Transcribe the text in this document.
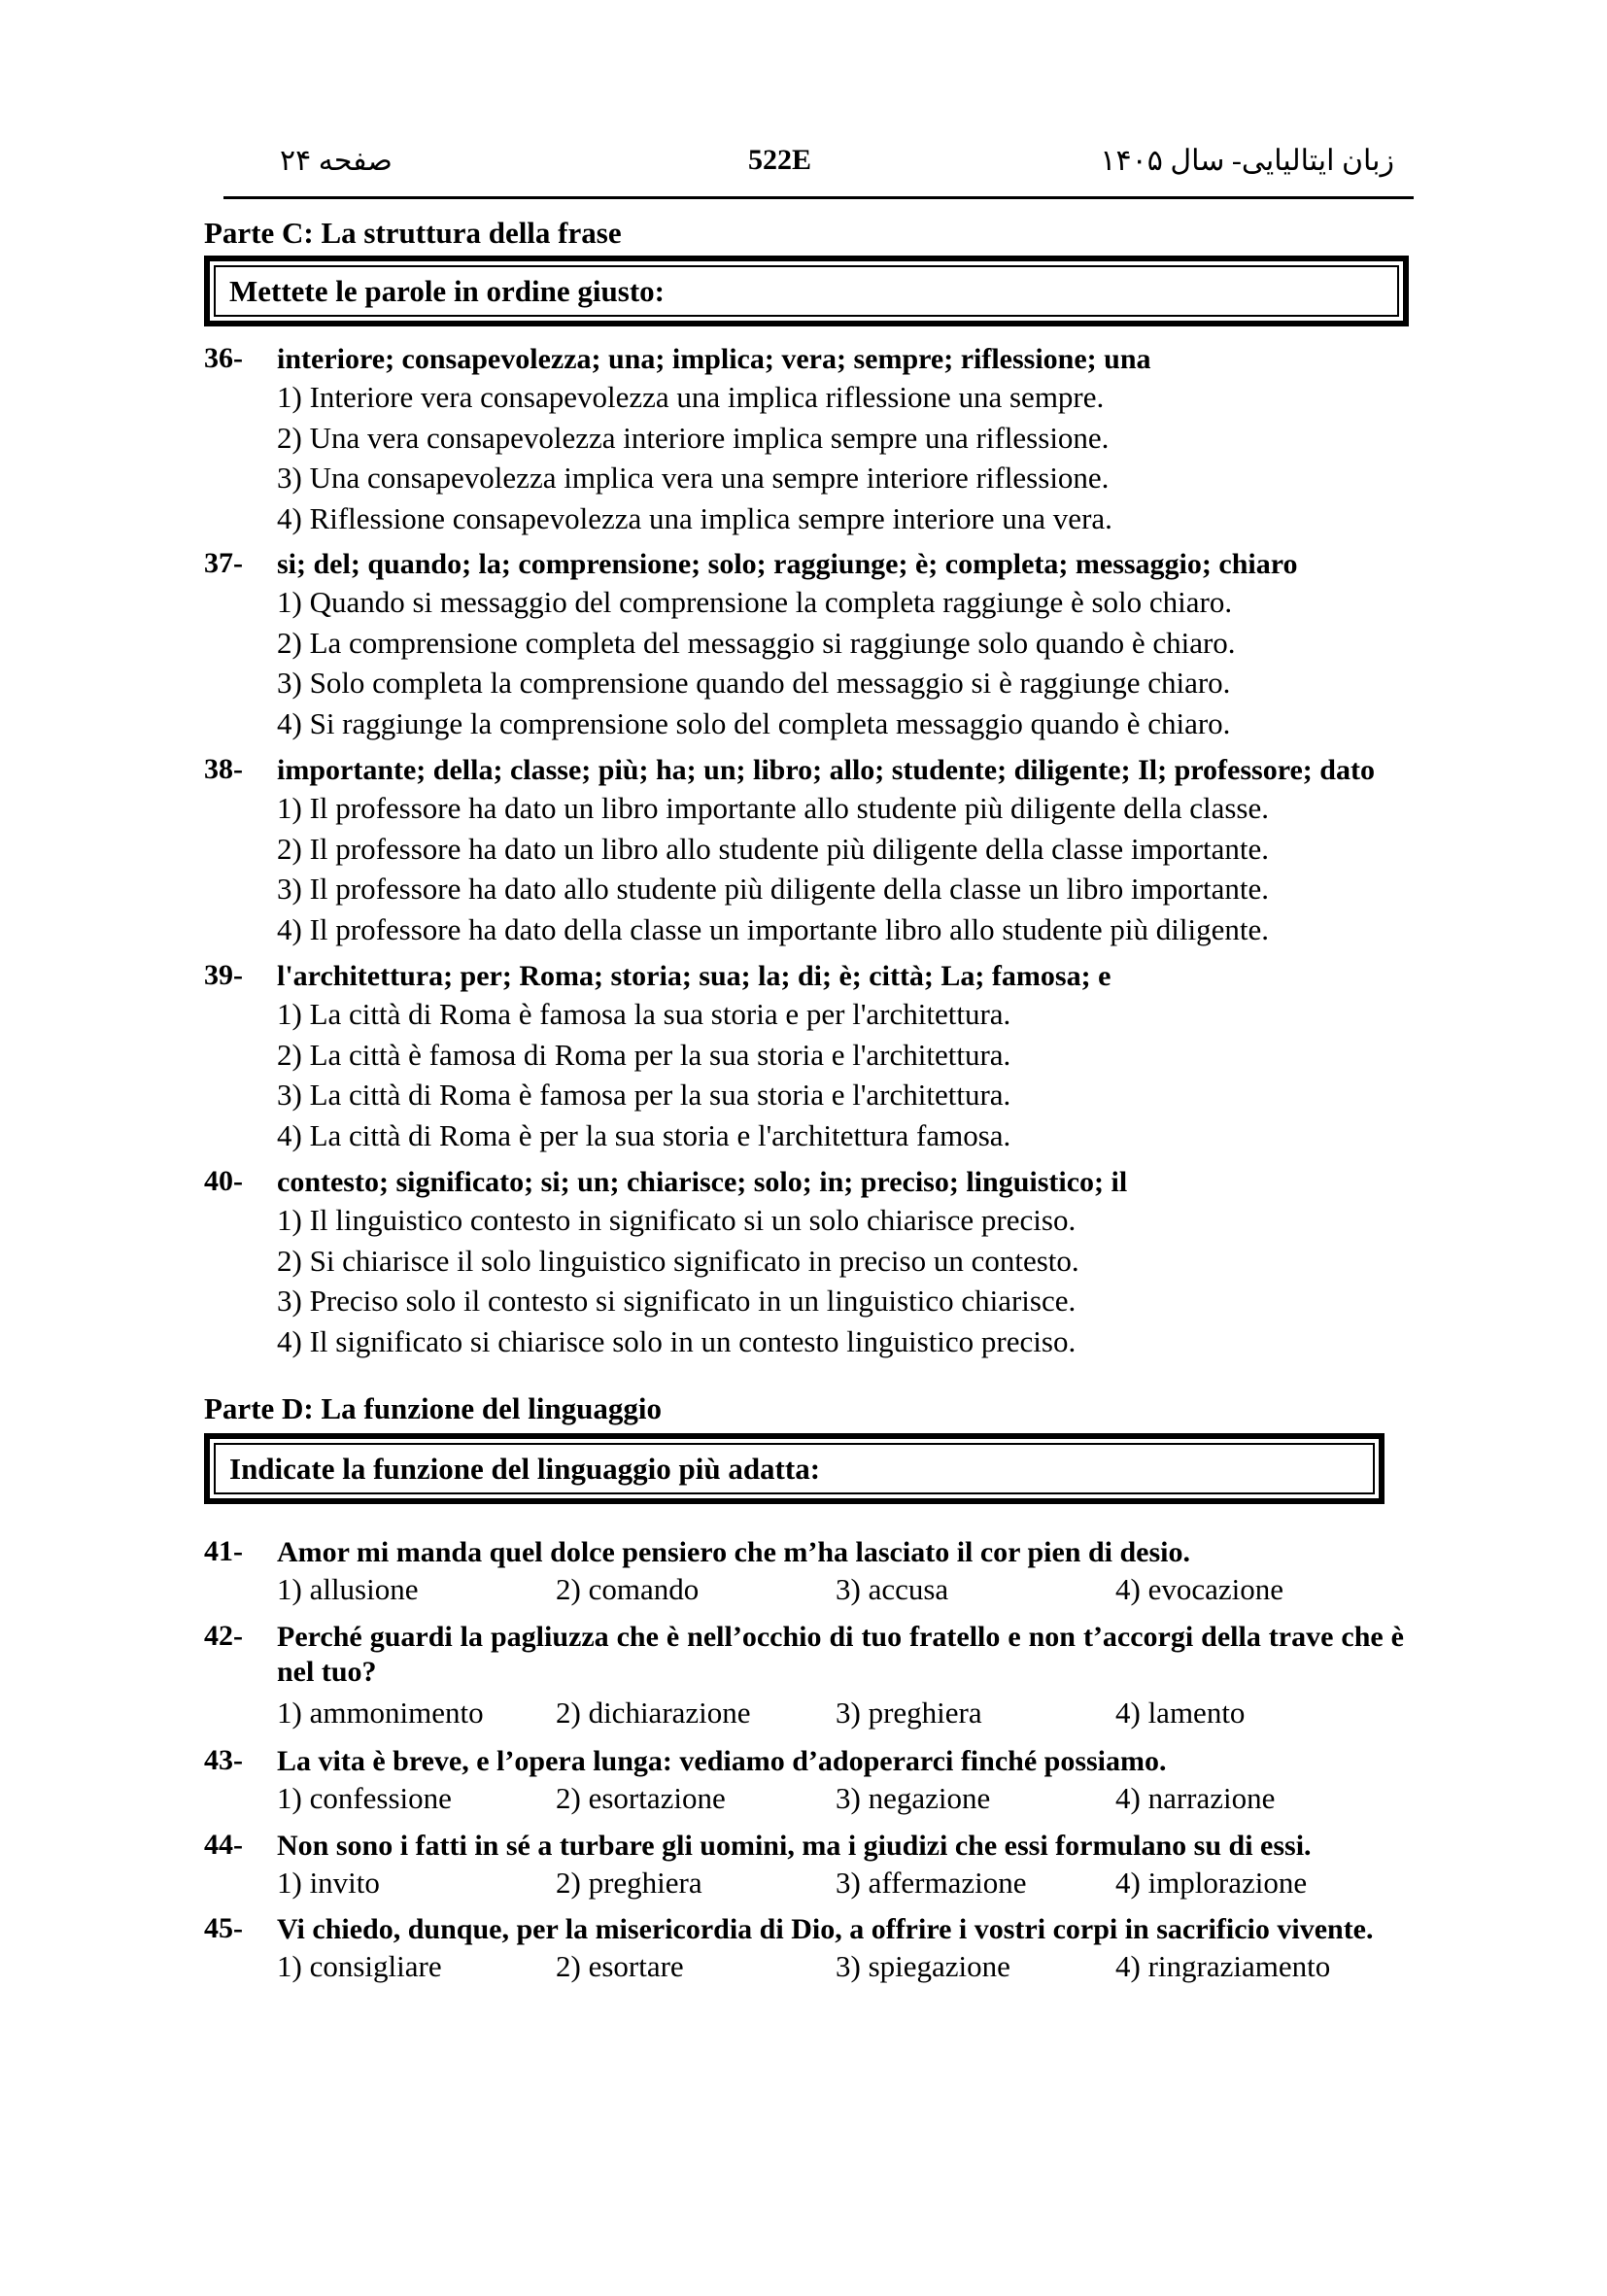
صفحه ۲۴	522E	زبان ایتالیایی- سال ۱۴۰۵
Parte C: La struttura della frase
Mettete le parole in ordine giusto:
36- interiore; consapevolezza; una; implica; vera; sempre; riflessione; una
1) Interiore vera consapevolezza una implica riflessione una sempre.
2) Una vera consapevolezza interiore implica sempre una riflessione.
3) Una consapevolezza implica vera una sempre interiore riflessione.
4) Riflessione consapevolezza una implica sempre interiore una vera.
37- si; del; quando; la; comprensione; solo; raggiunge; è; completa; messaggio; chiaro
1) Quando si messaggio del comprensione la completa raggiunge è solo chiaro.
2) La comprensione completa del messaggio si raggiunge solo quando è chiaro.
3) Solo completa la comprensione quando del messaggio si è raggiunge chiaro.
4) Si raggiunge la comprensione solo del completa messaggio quando è chiaro.
38- importante; della; classe; più; ha; un; libro; allo; studente; diligente; Il; professore; dato
1) Il professore ha dato un libro importante allo studente più diligente della classe.
2) Il professore ha dato un libro allo studente più diligente della classe importante.
3) Il professore ha dato allo studente più diligente della classe un libro importante.
4) Il professore ha dato della classe un importante libro allo studente più diligente.
39- l'architettura; per; Roma; storia; sua; la; di; è; città; La; famosa; e
1) La città di Roma è famosa la sua storia e per l'architettura.
2) La città è famosa di Roma per la sua storia e l'architettura.
3) La città di Roma è famosa per la sua storia e l'architettura.
4) La città di Roma è per la sua storia e l'architettura famosa.
40- contesto; significato; si; un; chiarisce; solo; in; preciso; linguistico; il
1) Il linguistico contesto in significato si un solo chiarisce preciso.
2) Si chiarisce il solo linguistico significato in preciso un contesto.
3) Preciso solo il contesto si significato in un linguistico chiarisce.
4) Il significato si chiarisce solo in un contesto linguistico preciso.
Parte D: La funzione del linguaggio
Indicate la funzione del linguaggio più adatta:
41- Amor mi manda quel dolce pensiero che m’ha lasciato il cor pien di desio.
1) allusione	2) comando	3) accusa	4) evocazione
42- Perché guardi la pagliuzza che è nell’occhio di tuo fratello e non t’accorgi della trave che è nel tuo?
1) ammonimento 2) dichiarazione	3) preghiera	4) lamento
43- La vita è breve, e l’opera lunga: vediamo d’adoperarci finché possiamo.
1) confessione	2) esortazione	3) negazione	4) narrazione
44- Non sono i fatti in sé a turbare gli uomini, ma i giudizi che essi formulano su di essi.
1) invito	2) preghiera	3) affermazione	4) implorazione
45- Vi chiedo, dunque, per la misericordia di Dio, a offrire i vostri corpi in sacrificio vivente.
1) consigliare	2) esortare	3) spiegazione	4) ringraziamento
